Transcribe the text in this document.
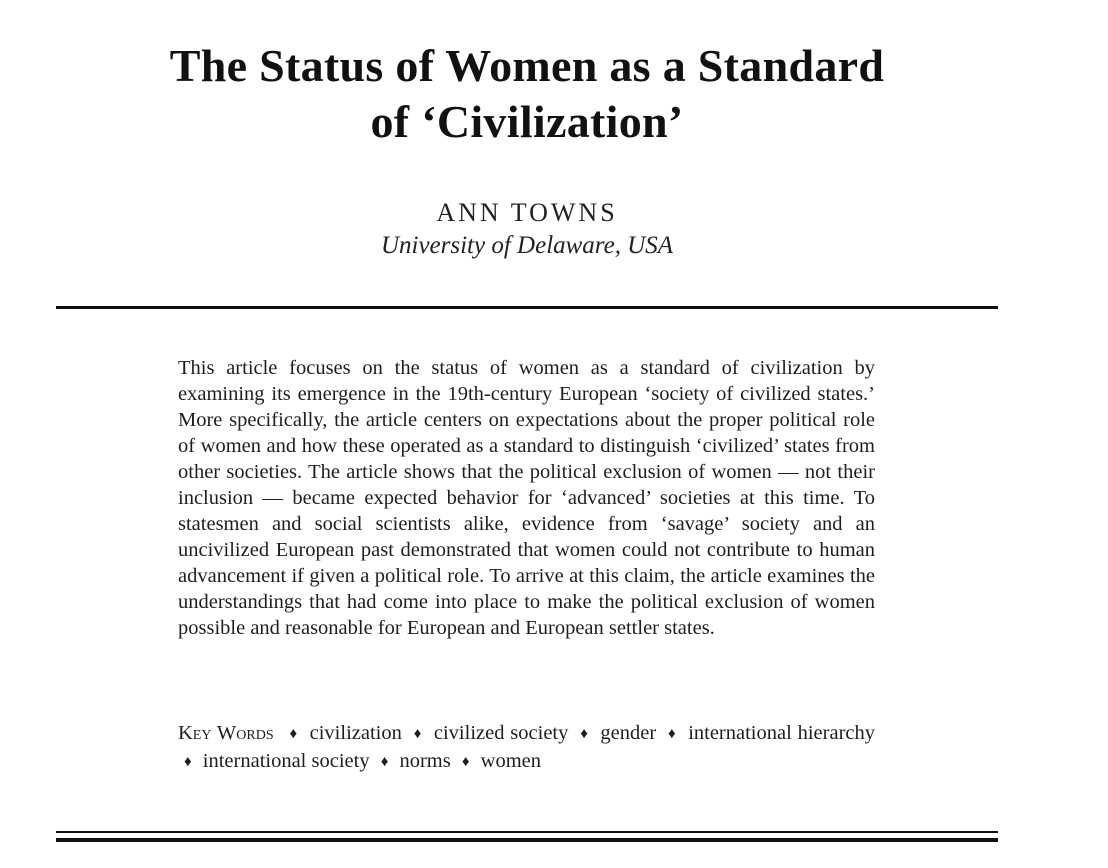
The Status of Women as a Standard
of ‘Civilization’
ANN TOWNS
University of Delaware, USA
This article focuses on the status of women as a standard of civilization by examining its emergence in the 19th-century European ‘society of civilized states.’ More specifically, the article centers on expectations about the proper political role of women and how these operated as a standard to distinguish ‘civilized’ states from other societies. The article shows that the political exclusion of women — not their inclusion — became expected behavior for ‘advanced’ societies at this time. To statesmen and social scientists alike, evidence from ‘savage’ society and an uncivilized European past demonstrated that women could not contribute to human advancement if given a political role. To arrive at this claim, the article examines the understandings that had come into place to make the political exclusion of women possible and reasonable for European and European settler states.
Key Words ♦ civilization ♦ civilized society ♦ gender ♦ international hierarchy ♦ international society ♦ norms ♦ women
